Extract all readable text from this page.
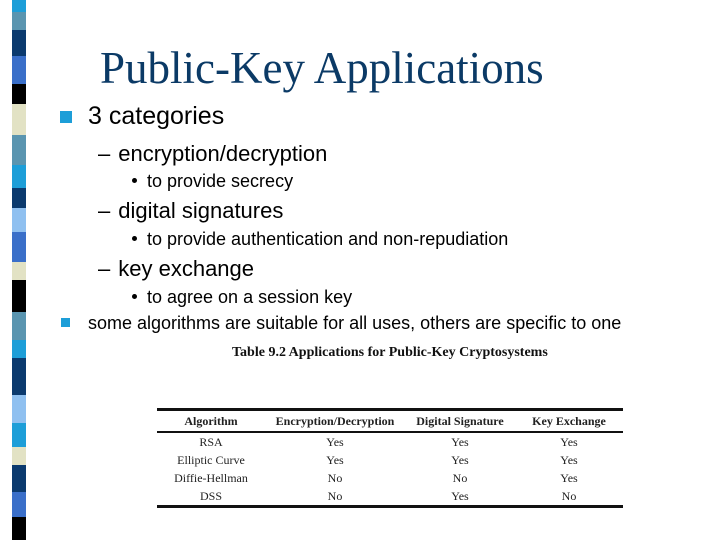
Public-Key Applications
3 categories
– encryption/decryption
to provide secrecy
– digital signatures
to provide authentication and non-repudiation
– key exchange
to agree on a session key
some algorithms are suitable for all uses, others are specific to one
Table 9.2 Applications for Public-Key Cryptosystems
Algorithm	Encryption/Decryption	Digital Signature	Key Exchange
RSA	Yes	Yes	Yes
Elliptic Curve	Yes	Yes	Yes
Diffie-Hellman	No	No	Yes
DSS	No	Yes	No
